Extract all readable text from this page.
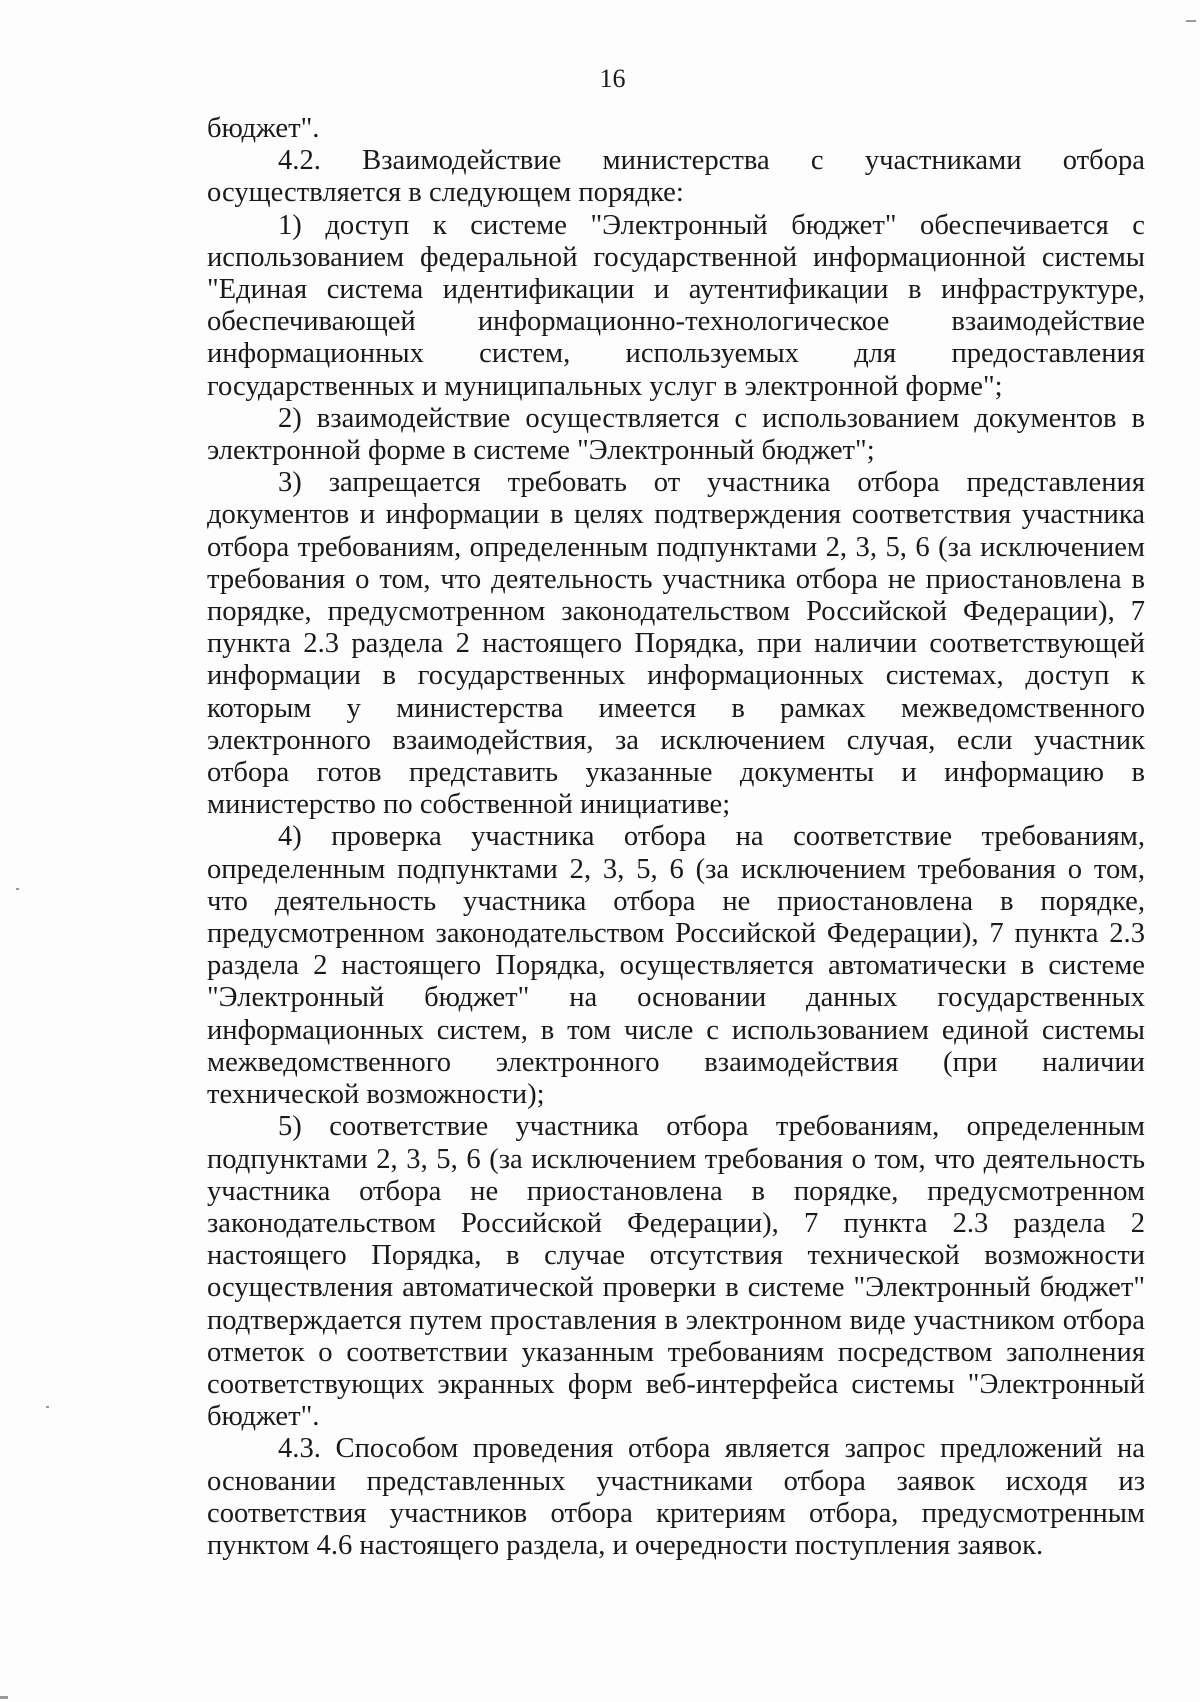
16

бюджет".

4.2. Взаимодействие министерства с участниками отбора осуществляется в следующем порядке:

1) доступ к системе "Электронный бюджет" обеспечивается с использованием федеральной государственной информационной системы "Единая система идентификации и аутентификации в инфраструктуре, обеспечивающей информационно-технологическое взаимодействие информационных систем, используемых для предоставления государственных и муниципальных услуг в электронной форме";

2) взаимодействие осуществляется с использованием документов в электронной форме в системе "Электронный бюджет";

3) запрещается требовать от участника отбора представления документов и информации в целях подтверждения соответствия участника отбора требованиям, определенным подпунктами 2, 3, 5, 6 (за исключением требования о том, что деятельность участника отбора не приостановлена в порядке, предусмотренном законодательством Российской Федерации), 7 пункта 2.3 раздела 2 настоящего Порядка, при наличии соответствующей информации в государственных информационных системах, доступ к которым у министерства имеется в рамках межведомственного электронного взаимодействия, за исключением случая, если участник отбора готов представить указанные документы и информацию в министерство по собственной инициативе;

4) проверка участника отбора на соответствие требованиям, определенным подпунктами 2, 3, 5, 6 (за исключением требования о том, что деятельность участника отбора не приостановлена в порядке, предусмотренном законодательством Российской Федерации), 7 пункта 2.3 раздела 2 настоящего Порядка, осуществляется автоматически в системе "Электронный бюджет" на основании данных государственных информационных систем, в том числе с использованием единой системы межведомственного электронного взаимодействия (при наличии технической возможности);

5) соответствие участника отбора требованиям, определенным подпунктами 2, 3, 5, 6 (за исключением требования о том, что деятельность участника отбора не приостановлена в порядке, предусмотренном законодательством Российской Федерации), 7 пункта 2.3 раздела 2 настоящего Порядка, в случае отсутствия технической возможности осуществления автоматической проверки в системе "Электронный бюджет" подтверждается путем проставления в электронном виде участником отбора отметок о соответствии указанным требованиям посредством заполнения соответствующих экранных форм веб-интерфейса системы "Электронный бюджет".

4.3. Способом проведения отбора является запрос предложений на основании представленных участниками отбора заявок исходя из соответствия участников отбора критериям отбора, предусмотренным пунктом 4.6 настоящего раздела, и очередности поступления заявок.
